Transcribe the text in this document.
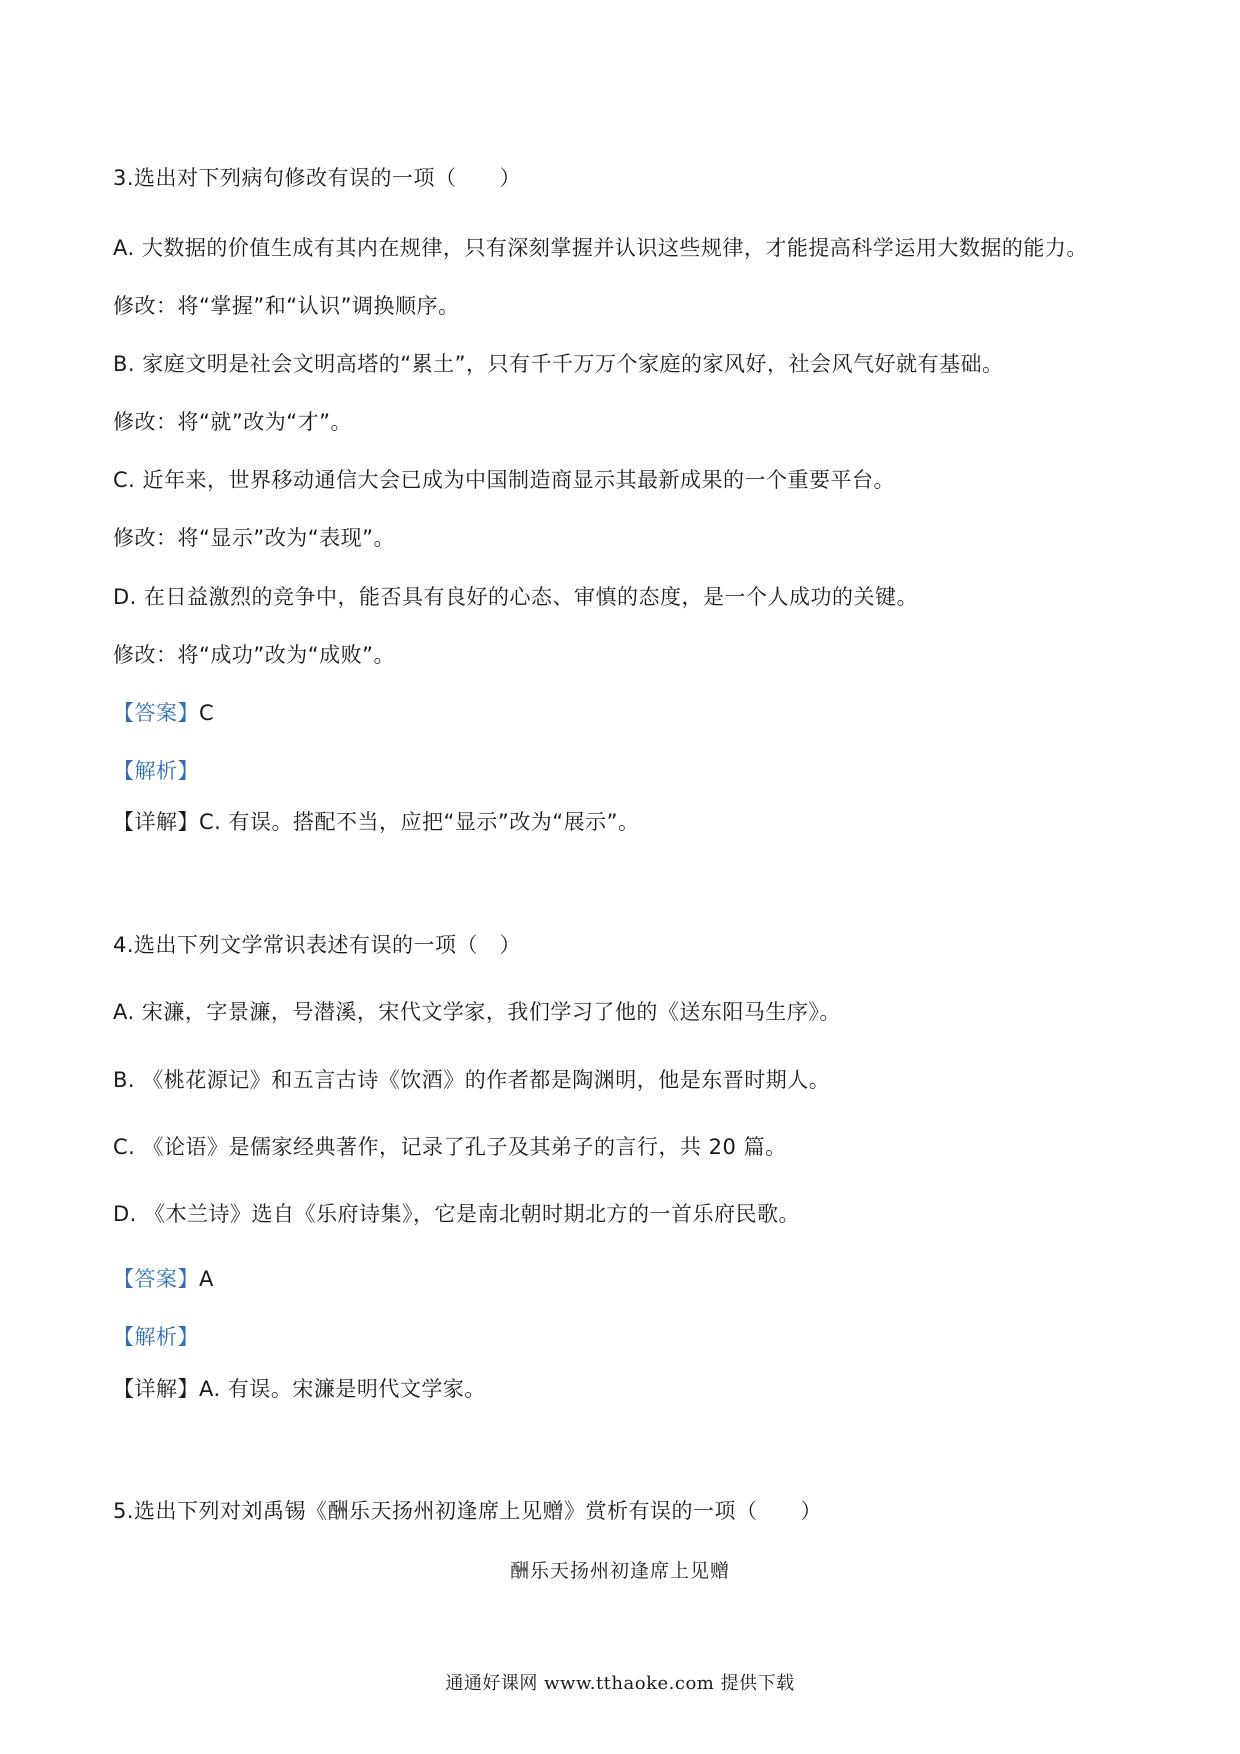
3.选出对下列病句修改有误的一项（　　）
A. 大数据的价值生成有其内在规律，只有深刻掌握并认识这些规律，才能提高科学运用大数据的能力。
修改：将“掌握”和“认识”调换顺序。
B. 家庭文明是社会文明高塔的“累土”，只有千千万万个家庭的家风好，社会风气好就有基础。
修改：将“就”改为“才”。
C. 近年来，世界移动通信大会已成为中国制造商显示其最新成果的一个重要平台。
修改：将“显示”改为“表现”。
D. 在日益激烈的竞争中，能否具有良好的心态、审慎的态度，是一个人成功的关键。
修改：将“成功”改为“成败”。
【答案】C
【解析】
【详解】C. 有误。搭配不当，应把“显示”改为“展示”。
4.选出下列文学常识表述有误的一项（　）
A. 宋濂，字景濂，号潜溪，宋代文学家，我们学习了他的《送东阳马生序》。
B. 《桃花源记》和五言古诗《饮酒》的作者都是陶渊明，他是东晋时期人。
C. 《论语》是儒家经典著作，记录了孔子及其弟子的言行，共 20 篇。
D. 《木兰诗》选自《乐府诗集》，它是南北朝时期北方的一首乐府民歌。
【答案】A
【解析】
【详解】A. 有误。宋濂是明代文学家。
5.选出下列对刘禹锡《酬乐天扬州初逢席上见赠》赏析有误的一项（　　）
酬乐天扬州初逢席上见赠
通通好课网 www.tthaoke.com 提供下载
